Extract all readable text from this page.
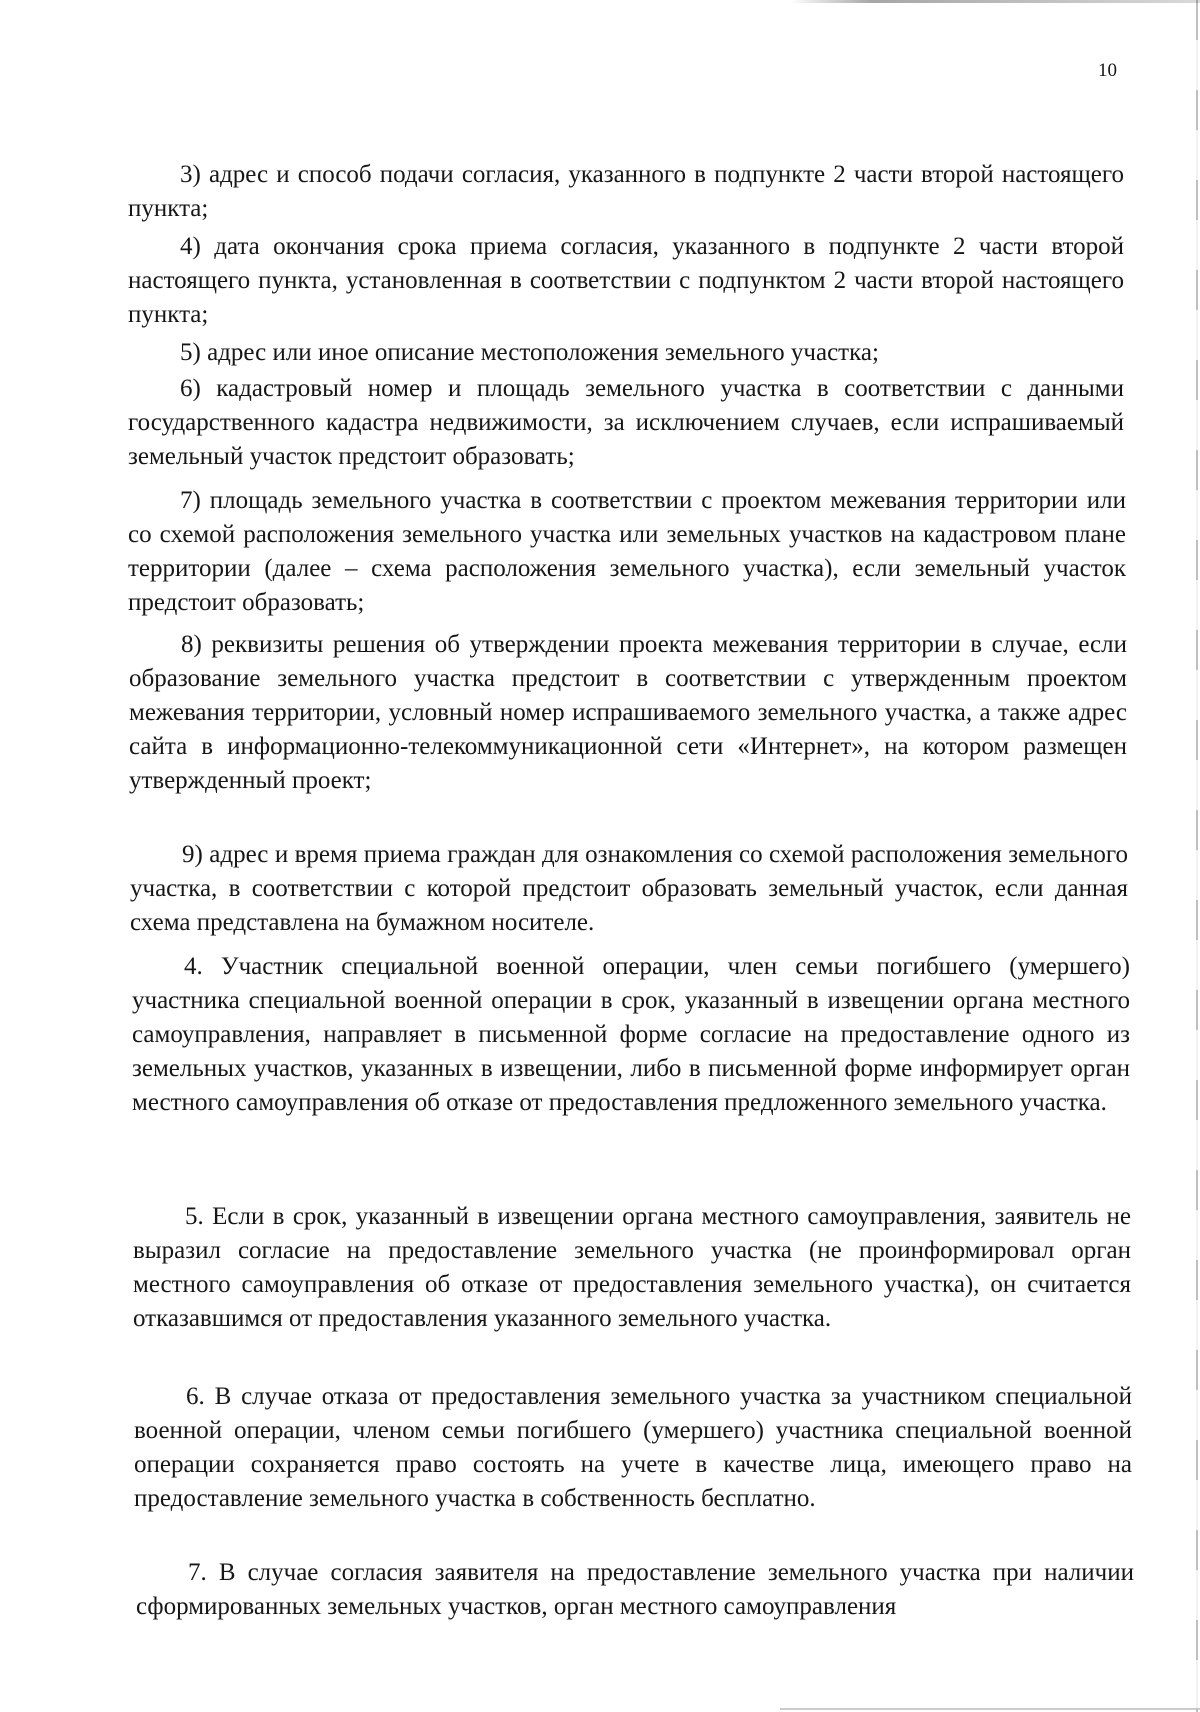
10

3) адрес и способ подачи согласия, указанного в подпункте 2 части второй настоящего пункта;

4) дата окончания срока приема согласия, указанного в подпункте 2 части второй настоящего пункта, установленная в соответствии с подпунктом 2 части второй настоящего пункта;

5) адрес или иное описание местоположения земельного участка;

6) кадастровый номер и площадь земельного участка в соответствии с данными государственного кадастра недвижимости, за исключением случаев, если испрашиваемый земельный участок предстоит образовать;

7) площадь земельного участка в соответствии с проектом межевания территории или со схемой расположения земельного участка или земельных участков на кадастровом плане территории (далее – схема расположения земельного участка), если земельный участок предстоит образовать;

8) реквизиты решения об утверждении проекта межевания территории в случае, если образование земельного участка предстоит в соответствии с утвержденным проектом межевания территории, условный номер испрашиваемого земельного участка, а также адрес сайта в информационно-телекоммуникационной сети «Интернет», на котором размещен утвержденный проект;

9) адрес и время приема граждан для ознакомления со схемой расположения земельного участка, в соответствии с которой предстоит образовать земельный участок, если данная схема представлена на бумажном носителе.

4. Участник специальной военной операции, член семьи погибшего (умершего) участника специальной военной операции в срок, указанный в извещении органа местного самоуправления, направляет в письменной форме согласие на предоставление одного из земельных участков, указанных в извещении, либо в письменной форме информирует орган местного самоуправления об отказе от предоставления предложенного земельного участка.

5. Если в срок, указанный в извещении органа местного самоуправления, заявитель не выразил согласие на предоставление земельного участка (не проинформировал орган местного самоуправления об отказе от предоставления земельного участка), он считается отказавшимся от предоставления указанного земельного участка.

6. В случае отказа от предоставления земельного участка за участником специальной военной операции, членом семьи погибшего (умершего) участника специальной военной операции сохраняется право состоять на учете в качестве лица, имеющего право на предоставление земельного участка в собственность бесплатно.

7. В случае согласия заявителя на предоставление земельного участка при наличии сформированных земельных участков, орган местного самоуправления
